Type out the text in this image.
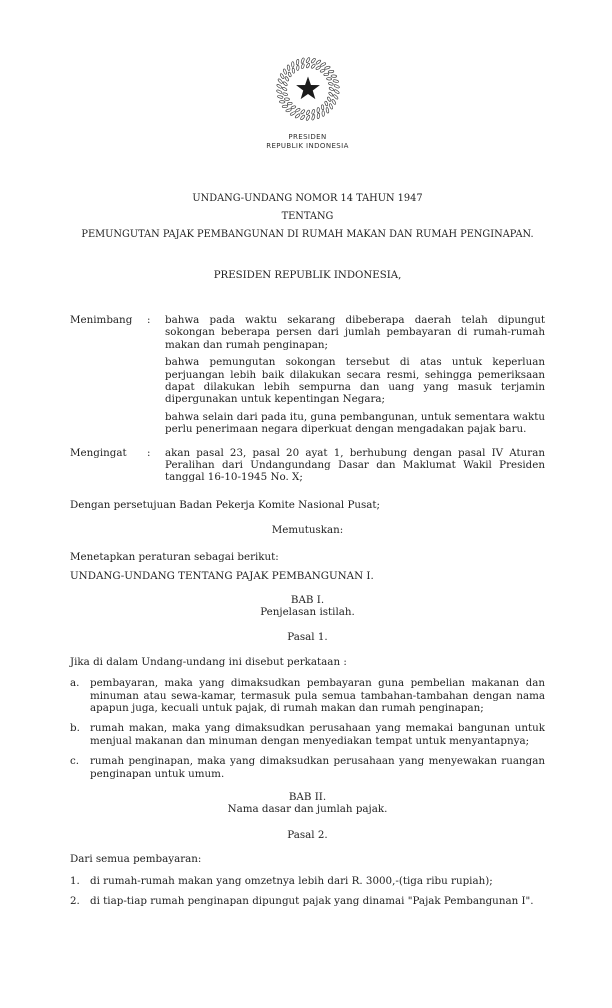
PRESIDEN
REPUBLIK INDONESIA
UNDANG-UNDANG NOMOR 14 TAHUN 1947
TENTANG
PEMUNGUTAN PAJAK PEMBANGUNAN DI RUMAH MAKAN DAN RUMAH PENGINAPAN.
PRESIDEN REPUBLIK INDONESIA,
Menimbang	:	bahwa pada waktu sekarang dibeberapa daerah telah dipungut sokongan beberapa persen dari jumlah pembayaran di rumah-rumah makan dan rumah penginapan;
bahwa pemungutan sokongan tersebut di atas untuk keperluan perjuangan lebih baik dilakukan secara resmi, sehingga pemeriksaan dapat dilakukan lebih sempurna dan uang yang masuk terjamin dipergunakan untuk kepentingan Negara;
bahwa selain dari pada itu, guna pembangunan, untuk sementara waktu perlu penerimaan negara diperkuat dengan mengadakan pajak baru.
Mengingat	:	akan pasal 23, pasal 20 ayat 1, berhubung dengan pasal IV Aturan Peralihan dari Undangundang Dasar dan Maklumat Wakil Presiden tanggal 16-10-1945 No. X;

Dengan persetujuan Badan Pekerja Komite Nasional Pusat;

Memutuskan:

Menetapkan peraturan sebagai berikut:

UNDANG-UNDANG TENTANG PAJAK PEMBANGUNAN I.

BAB I.
Penjelasan istilah.
Pasal 1.

Jika di dalam Undang-undang ini disebut perkataan :

a.	pembayaran, maka yang dimaksudkan pembayaran guna pembelian makanan dan minuman atau sewa-kamar, termasuk pula semua tambahan-tambahan dengan nama apapun juga, kecuali untuk pajak, di rumah makan dan rumah penginapan;
b. rumah makan, maka yang dimaksudkan perusahaan yang memakai bangunan untuk menjual makanan dan minuman dengan menyediakan tempat untuk menyantapnya;
c.	rumah penginapan, maka yang dimaksudkan perusahaan yang menyewakan ruangan penginapan untuk umum.
BAB II.
Nama dasar dan jumlah pajak.
Pasal 2.

Dari semua pembayaran:

1. di rumah-rumah makan yang omzetnya lebih dari R. 3000,-(tiga ribu rupiah);
2. di tiap-tiap rumah penginapan dipungut pajak yang dinamai "Pajak Pembangunan I".
